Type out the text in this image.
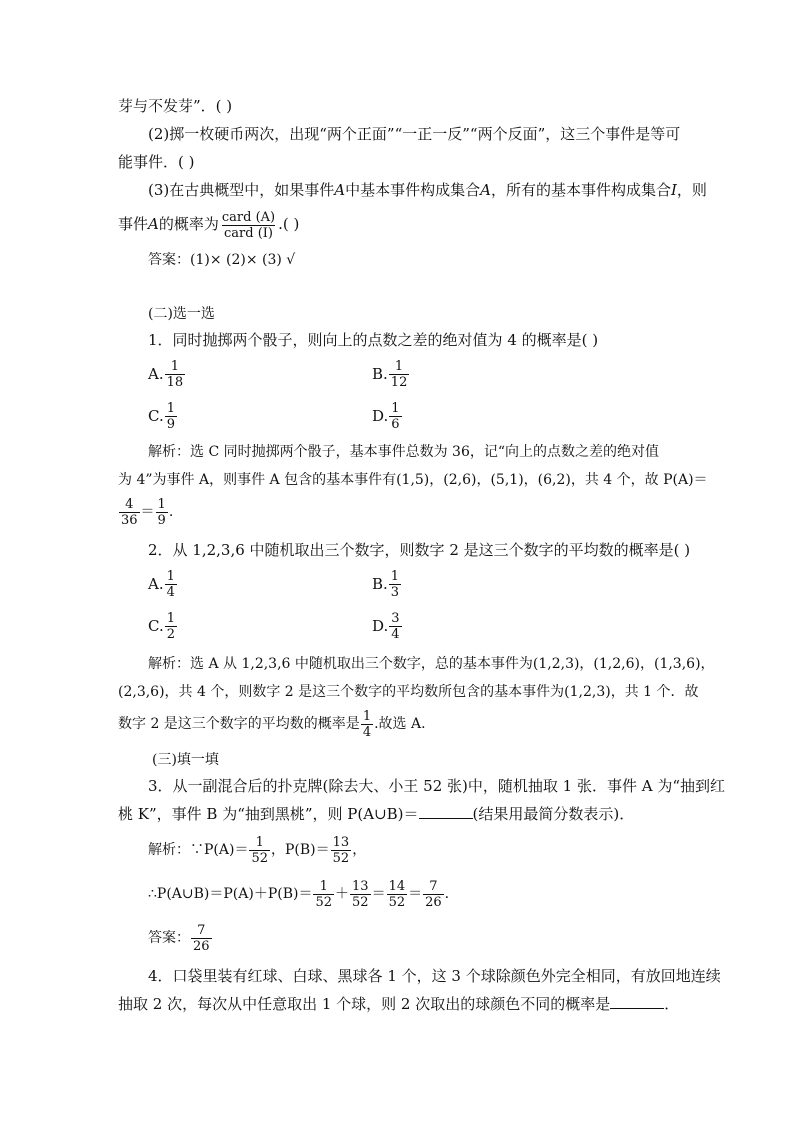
芽与不发芽”．( )
(2)掷一枚硬币两次，出现“两个正面”“一正一反”“两个反面”，这三个事件是等可
能事件．( )
(3)在古典概型中，如果事件A中基本事件构成集合A，所有的基本事件构成集合I，则
事件A的概率为 $\frac{\text{card (A)}}{\text{card (I)}}$ .( )
答案：(1)× (2)× (3) √
(二)选一选
1．同时抛掷两个骰子，则向上的点数之差的绝对值为 4 的概率是( )
A. $\frac{1}{18}$	B. $\frac{1}{12}$
C. $\frac{1}{9}$	D. $\frac{1}{6}$
解析：选 C 同时抛掷两个骰子，基本事件总数为 36，记“向上的点数之差的绝对值
为 4”为事件 A，则事件 A 包含的基本事件有(1,5)，(2,6)，(5,1)，(6,2)，共 4 个，故 P(A)＝
$\frac{4}{36} = \frac{1}{9}$ .
2．从 1,2,3,6 中随机取出三个数字，则数字 2 是这三个数字的平均数的概率是( )
A. $\frac{1}{4}$	B. $\frac{1}{3}$
C. $\frac{1}{2}$	D. $\frac{3}{4}$
解析：选 A 从 1,2,3,6 中随机取出三个数字，总的基本事件为(1,2,3)，(1,2,6)，(1,3,6)，
(2,3,6)，共 4 个，则数字 2 是这三个数字的平均数所包含的基本事件为(1,2,3)，共 1 个．故
数字 2 是这三个数字的平均数的概率是 $\frac{1}{4}$ .故选 A.
(三)填一填
3．从一副混合后的扑克牌(除去大、小王 52 张)中，随机抽取 1 张．事件 A 为“抽到红
桃 K”，事件 B 为“抽到黑桃”，则 P(A∪B)＝	(结果用最简分数表示)．
解析：∵P(A)＝ $\frac{1}{52}$ ，$P(B)= \frac{13}{52}$ ，
∴P(A∪B)＝P(A)＋P(B)＝ $\frac{1}{52} + \frac{13}{52} = \frac{14}{52} = \frac{7}{26}$ .
答案： $\frac{7}{26}$
4．口袋里装有红球、白球、黑球各 1 个，这 3 个球除颜色外完全相同，有放回地连续
抽取 2 次，每次从中任意取出 1 个球，则 2 次取出的球颜色不同的概率是	．
